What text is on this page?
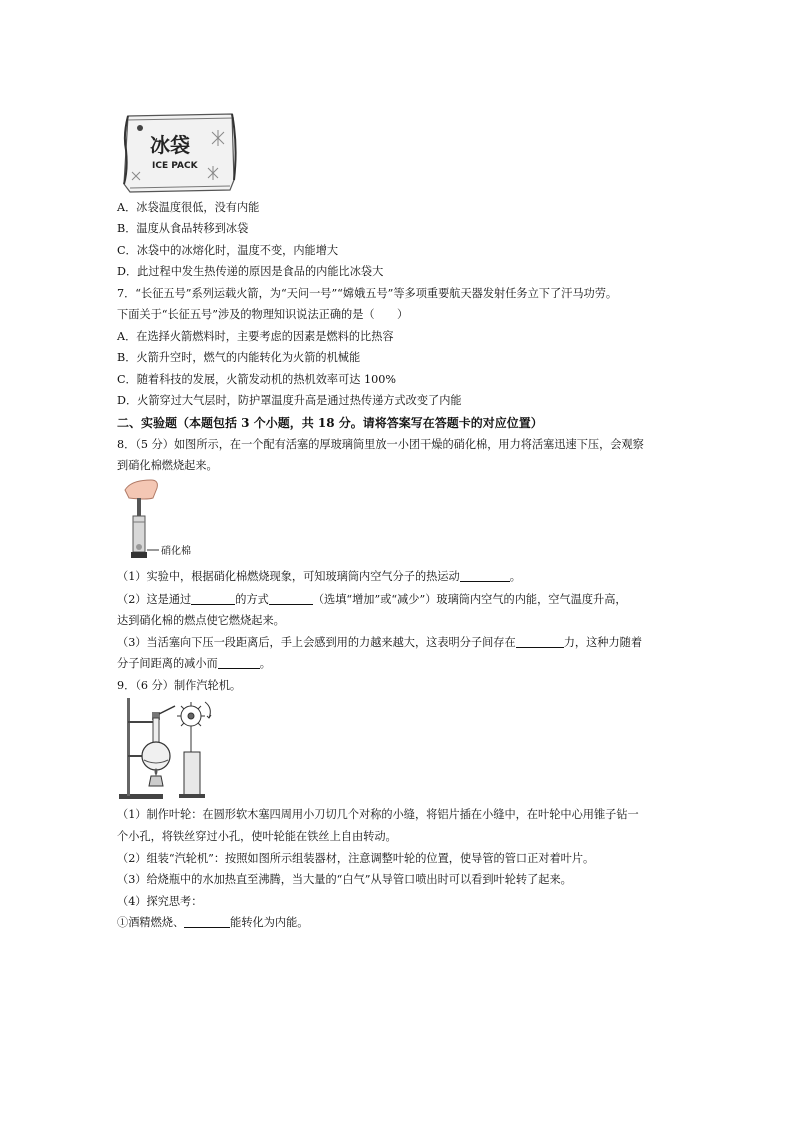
冰袋
ICE PACK
A．冰袋温度很低，没有内能
B．温度从食品转移到冰袋
C．冰袋中的冰熔化时，温度不变，内能增大
D．此过程中发生热传递的原因是食品的内能比冰袋大
7．“长征五号”系列运载火箭，为“天问一号”“嫦娥五号”等多项重要航天器发射任务立下了汗马功劳。
下面关于“长征五号”涉及的物理知识说法正确的是（　　）
A．在选择火箭燃料时，主要考虑的因素是燃料的比热容
B．火箭升空时，燃气的内能转化为火箭的机械能
C．随着科技的发展，火箭发动机的热机效率可达 100%
D．火箭穿过大气层时，防护罩温度升高是通过热传递方式改变了内能
二、实验题（本题包括 3 个小题，共 18 分。请将答案写在答题卡的对应位置）
8．（5 分）如图所示，在一个配有活塞的厚玻璃筒里放一小团干燥的硝化棉，用力将活塞迅速下压，会观察
到硝化棉燃烧起来。
硝化棉
（1）实验中，根据硝化棉燃烧现象，可知玻璃筒内空气分子的热运动	。
（2）这是通过	的方式	（选填“增加”或“减少”）玻璃筒内空气的内能，空气温度升高，
达到硝化棉的燃点使它燃烧起来。
（3）当活塞向下压一段距离后，手上会感到用的力越来越大，这表明分子间存在	力，这种力随着
分子间距离的减小而	。
9．（6 分）制作汽轮机。
（1）制作叶轮：在圆形软木塞四周用小刀切几个对称的小缝，将铝片插在小缝中，在叶轮中心用锥子钻一
个小孔，将铁丝穿过小孔，使叶轮能在铁丝上自由转动。
（2）组装“汽轮机”：按照如图所示组装器材，注意调整叶轮的位置，使导管的管口正对着叶片。
（3）给烧瓶中的水加热直至沸腾，当大量的“白气”从导管口喷出时可以看到叶轮转了起来。
（4）探究思考：
①酒精燃烧、	能转化为内能。
